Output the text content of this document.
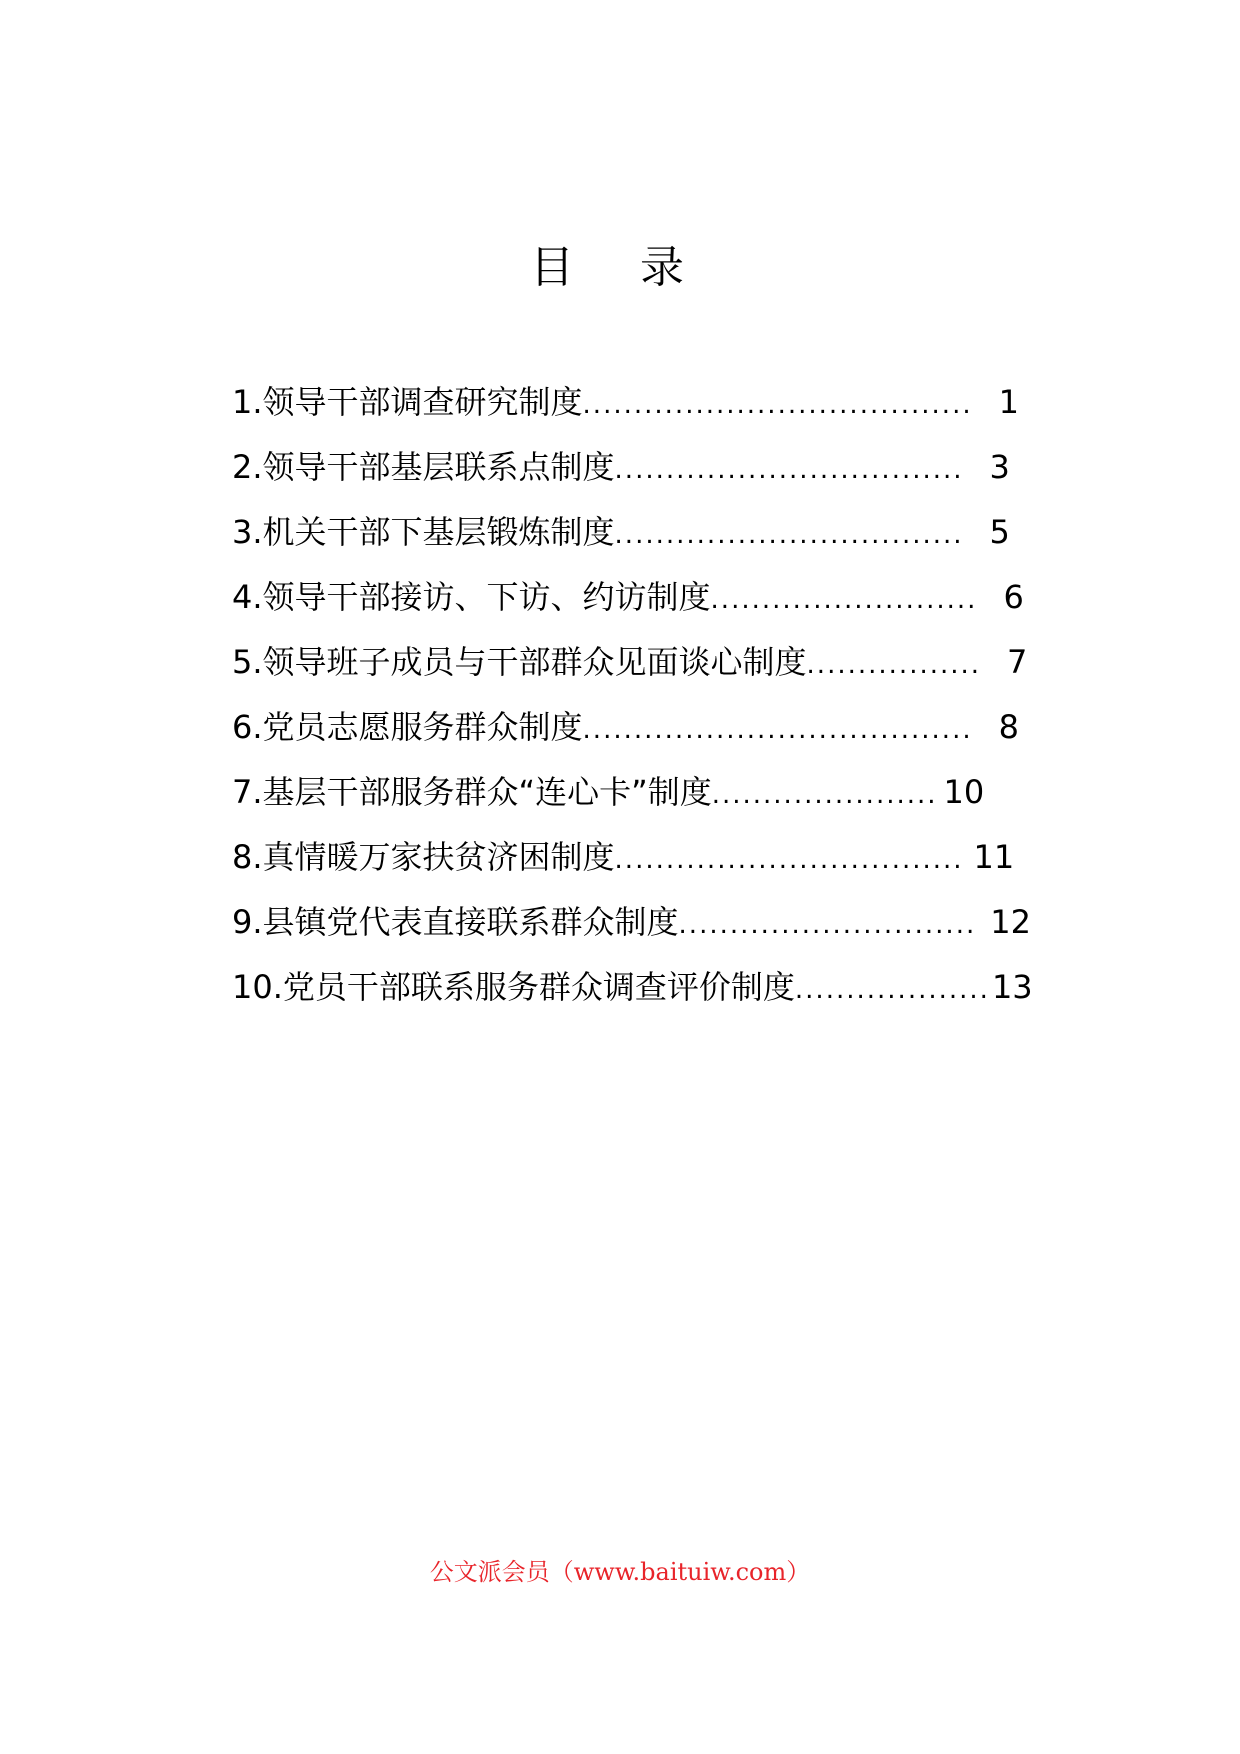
目 录
1.领导干部调查研究制度 ...................................... 1
2.领导干部基层联系点制度 .................................. 3
3.机关干部下基层锻炼制度 .................................. 5
4.领导干部接访、下访、约访制度 .......................... 6
5.领导班子成员与干部群众见面谈心制度 ................. 7
6.党员志愿服务群众制度 ...................................... 8
7.基层干部服务群众“连心卡”制度 ...................... 10
8.真情暖万家扶贫济困制度 .................................. 11
9.县镇党代表直接联系群众制度 ............................. 12
10.党员干部联系服务群众调查评价制度 ................... 13
公文派会员（www.baituiw.com）
